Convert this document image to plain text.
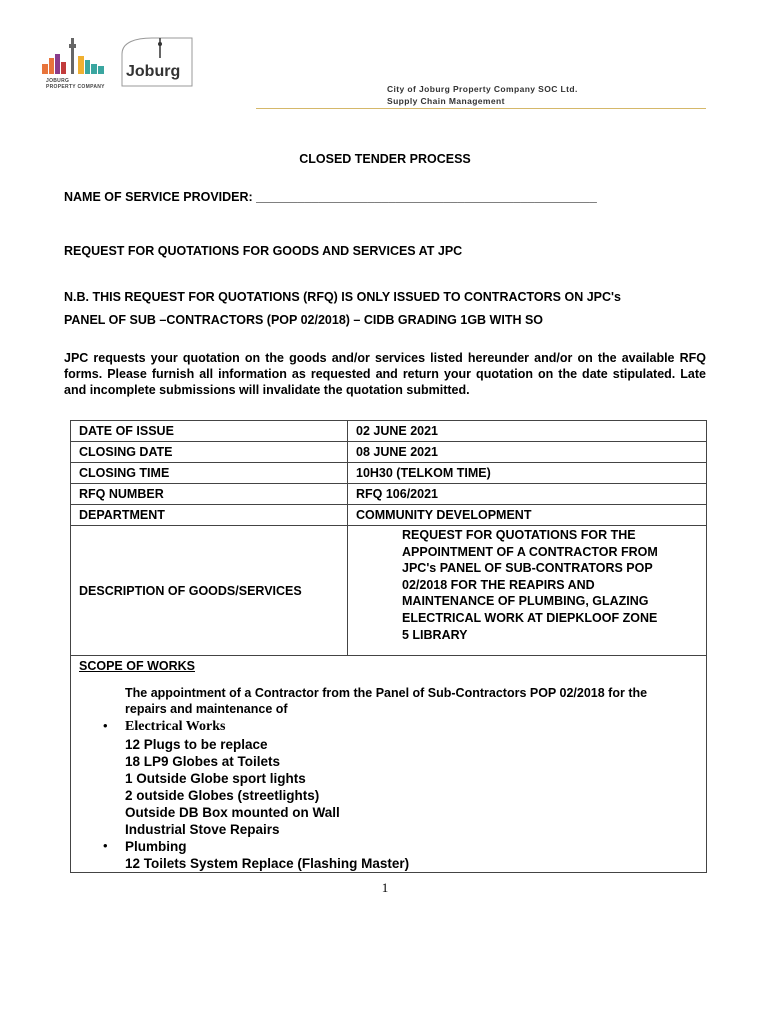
JOBURG
PROPERTY COMPANY
Joburg
City of Joburg Property Company SOC Ltd.
Supply Chain Management
CLOSED TENDER PROCESS
NAME OF SERVICE PROVIDER: _________________________________________________
REQUEST FOR QUOTATIONS FOR GOODS AND SERVICES AT JPC
N.B. THIS REQUEST FOR QUOTATIONS (RFQ) IS ONLY ISSUED TO CONTRACTORS ON JPC's
PANEL OF SUB –CONTRACTORS (POP 02/2018) – CIDB GRADING 1GB WITH SO
JPC requests your quotation on the goods and/or services listed hereunder and/or on the available RFQ forms. Please furnish all information as requested and return your quotation on the date stipulated. Late and incomplete submissions will invalidate the quotation submitted.
DATE OF ISSUE	02 JUNE 2021
CLOSING DATE	08 JUNE 2021
CLOSING TIME	10H30 (TELKOM TIME)
RFQ NUMBER	RFQ 106/2021
DEPARTMENT	COMMUNITY DEVELOPMENT
DESCRIPTION OF GOODS/SERVICES
REQUEST FOR QUOTATIONS FOR THE
APPOINTMENT OF A CONTRACTOR FROM
JPC's PANEL OF SUB-CONTRATORS POP
02/2018 FOR THE REAPIRS AND
MAINTENANCE OF PLUMBING, GLAZING
ELECTRICAL WORK AT DIEPKLOOF ZONE
5 LIBRARY
SCOPE OF WORKS
The appointment of a Contractor from the Panel of Sub-Contractors POP 02/2018 for the repairs and maintenance of
• Electrical Works
12 Plugs to be replace
18 LP9 Globes at Toilets
1 Outside Globe sport lights
2 outside Globes (streetlights)
Outside DB Box mounted on Wall
Industrial Stove Repairs
• Plumbing
12 Toilets System Replace (Flashing Master)
1
